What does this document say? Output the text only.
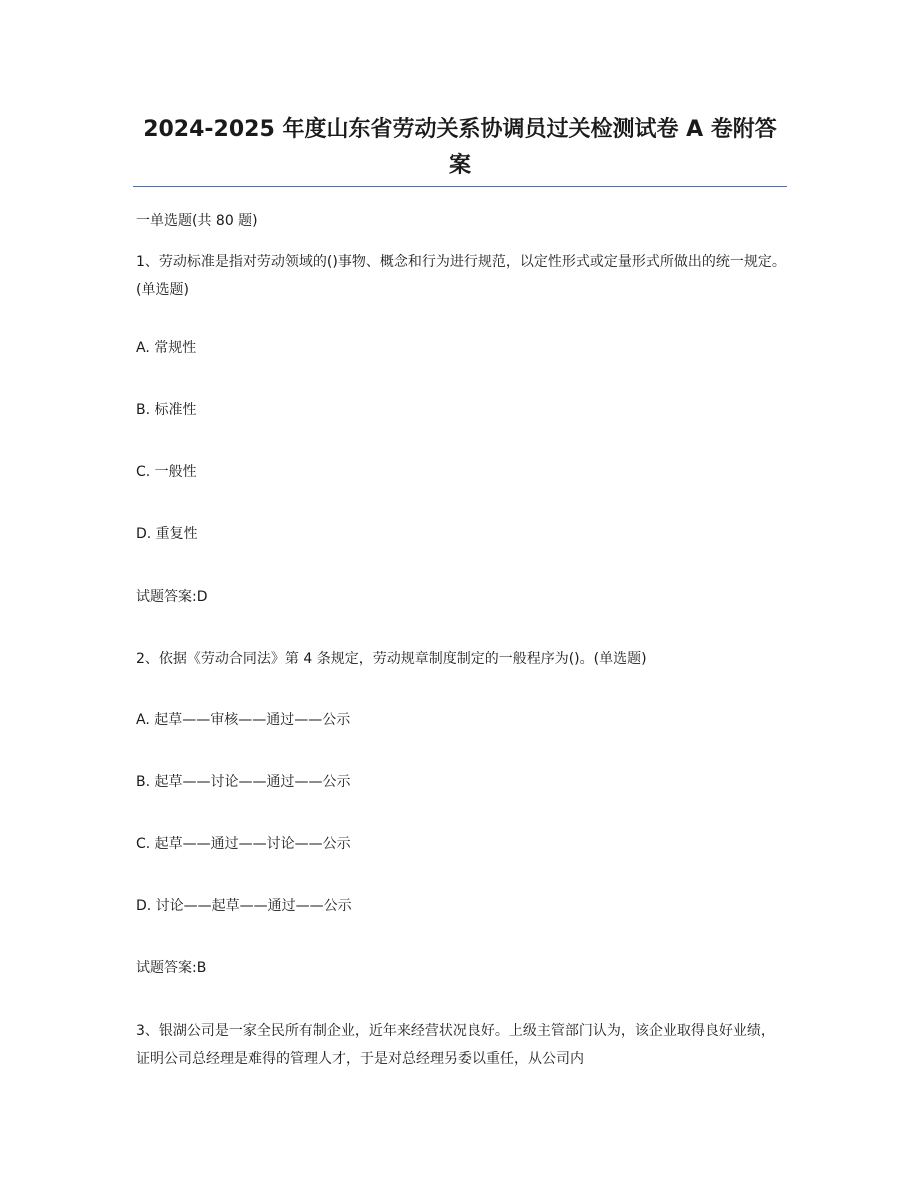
2024-2025 年度山东省劳动关系协调员过关检测试卷 A 卷附答案
一单选题(共 80 题)
1、劳动标准是指对劳动领域的()事物、概念和行为进行规范，以定性形式或定量形式所做出的统一规定。(单选题)
A. 常规性
B. 标准性
C. 一般性
D. 重复性
试题答案:D
2、依据《劳动合同法》第 4 条规定，劳动规章制度制定的一般程序为()。(单选题)
A. 起草——审核——通过——公示
B. 起草——讨论——通过——公示
C. 起草——通过——讨论——公示
D. 讨论——起草——通过——公示
试题答案:B
3、银湖公司是一家全民所有制企业，近年来经营状况良好。上级主管部门认为，该企业取得良好业绩，证明公司总经理是难得的管理人才，于是对总经理另委以重任，从公司内
